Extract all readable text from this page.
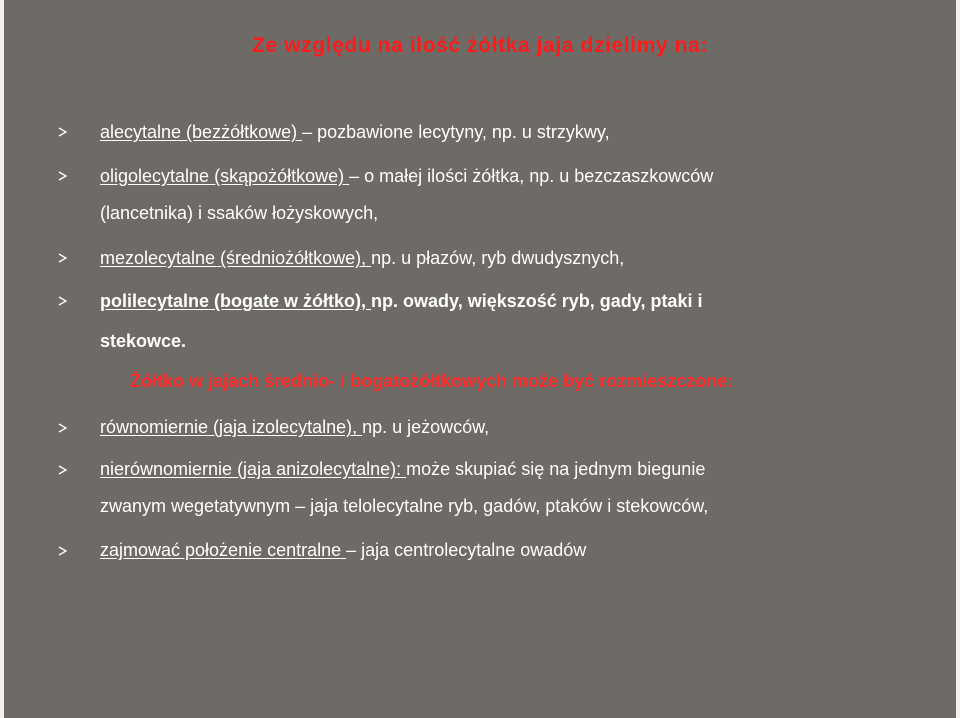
Ze względu na ilość żółtka jaja dzielimy na:
alecytalne (bezżółtkowe) – pozbawione lecytyny, np. u strzykwy,
oligolecytalne (skąpożółtkowe) – o małej ilości żółtka, np. u bezczaszkowców
(lancetnika) i ssaków łożyskowych,
mezolecytalne (średniożółtkowe), np. u płazów, ryb dwudysznych,
polilecytalne (bogate w żółtko), np. owady, większość ryb, gady, ptaki i
stekowce.
Żółtko w jajach średnio- i bogatożółtkowych może być rozmieszczone:
równomiernie (jaja izolecytalne), np. u jeżowców,
nierównomiernie (jaja anizolecytalne): może skupiać się na jednym biegunie
zwanym wegetatywnym – jaja telolecytalne ryb, gadów, ptaków i stekowców,
zajmować położenie centralne – jaja centrolecytalne owadów
